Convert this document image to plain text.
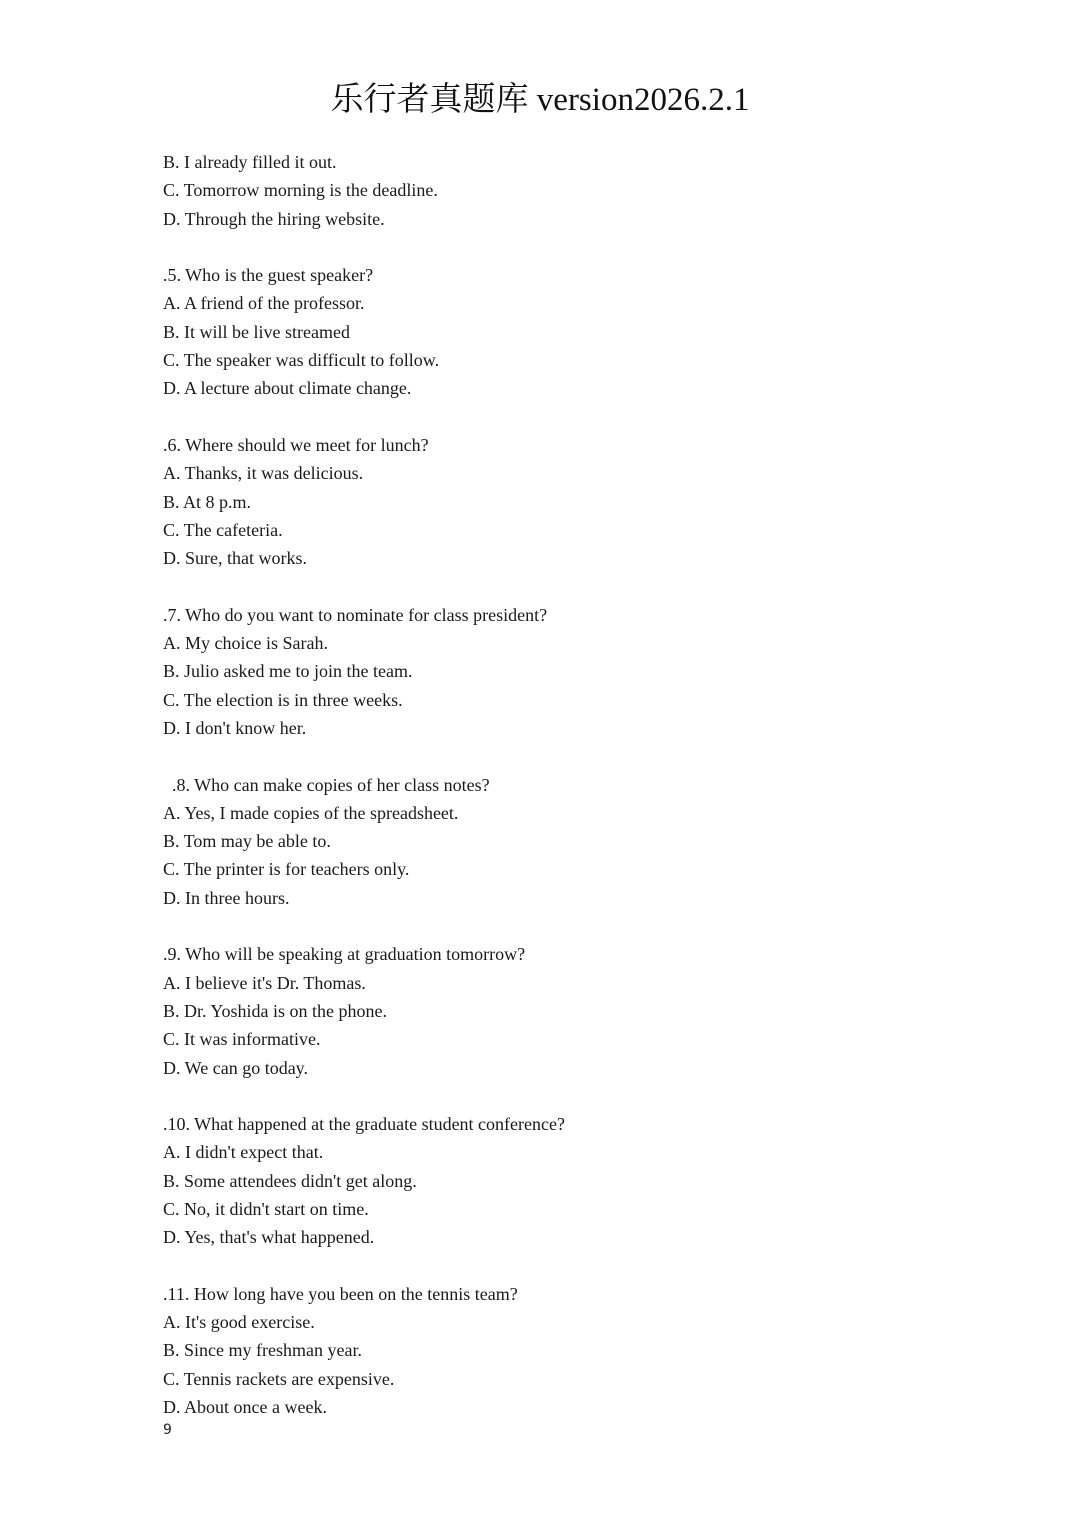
乐行者真题库 version2026.2.1
B. I already filled it out.
C. Tomorrow morning is the deadline.
D. Through the hiring website.
.5. Who is the guest speaker?
A. A friend of the professor.
B. It will be live streamed
C. The speaker was difficult to follow.
D. A lecture about climate change.
.6. Where should we meet for lunch?
A. Thanks, it was delicious.
B. At 8 p.m.
C. The cafeteria.
D. Sure, that works.
.7. Who do you want to nominate for class president?
A. My choice is Sarah.
B. Julio asked me to join the team.
C. The election is in three weeks.
D. I don't know her.
.8. Who can make copies of her class notes?
A. Yes, I made copies of the spreadsheet.
B. Tom may be able to.
C. The printer is for teachers only.
D. In three hours.
.9. Who will be speaking at graduation tomorrow?
A. I believe it's Dr. Thomas.
B. Dr. Yoshida is on the phone.
C. It was informative.
D. We can go today.
.10. What happened at the graduate student conference?
A. I didn't expect that.
B. Some attendees didn't get along.
C. No, it didn't start on time.
D. Yes, that's what happened.
.11. How long have you been on the tennis team?
A. It's good exercise.
B. Since my freshman year.
C. Tennis rackets are expensive.
D. About once a week.
9
